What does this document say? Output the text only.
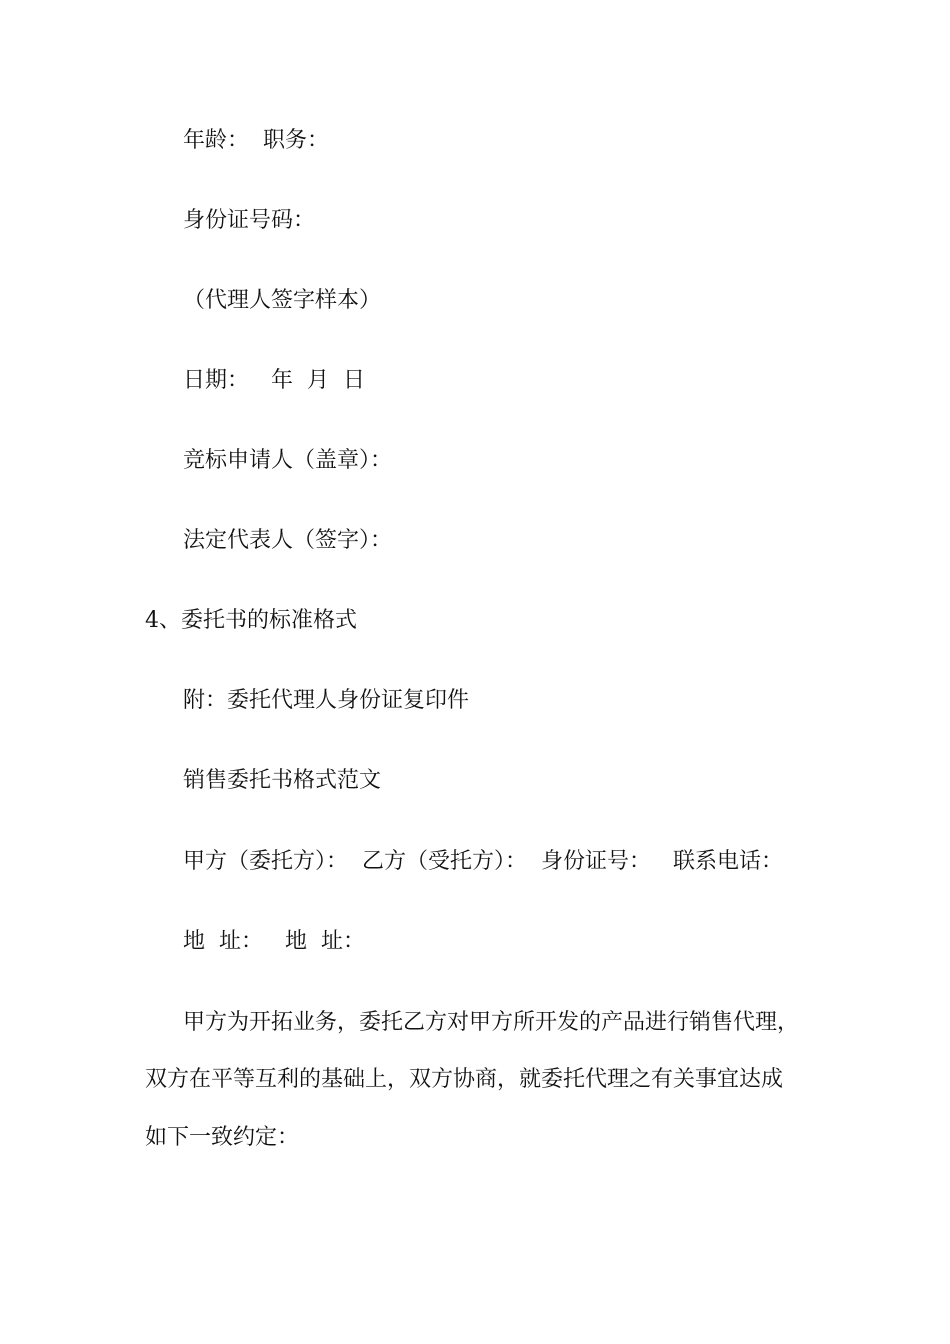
年龄： 职务：
身份证号码：
（代理人签字样本）
日期： 年 月 日
竞标申请人（盖章）：
法定代表人（签字）：
4、委托书的标准格式
附：委托代理人身份证复印件
销售委托书格式范文
甲方（委托方）： 乙方（受托方）： 身份证号： 联系电话：
地  址： 地  址：
甲方为开拓业务，委托乙方对甲方所开发的产品进行销售代理，
双方在平等互利的基础上，双方协商，就委托代理之有关事宜达成
如下一致约定：
